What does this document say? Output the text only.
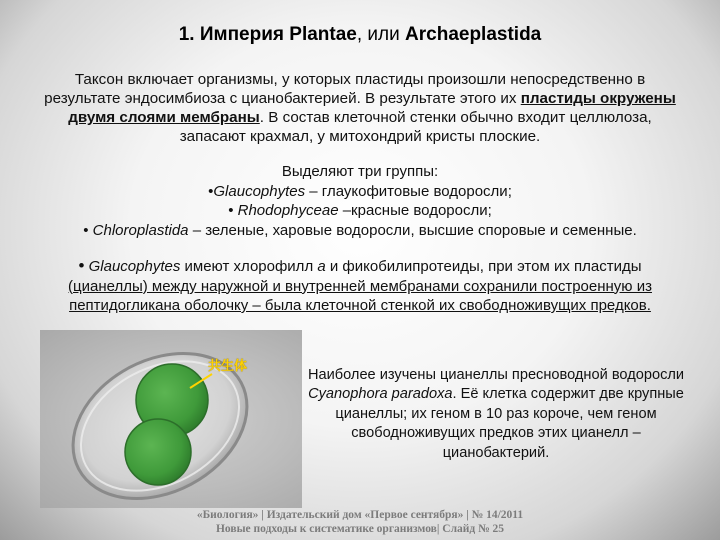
1. Империя Plantae, или Archaeplastida
Таксон включает организмы, у которых пластиды произошли непосредственно в результате эндосимбиоза с цианобактерией. В результате этого их пластиды окружены двумя слоями мембраны. В состав клеточной стенки обычно входит целлюлоза, запасают крахмал, у митохондрий кристы плоские.
Выделяют три группы:
•Glaucophytes – глаукофитовые водоросли;
• Rhodophyceae –красные водоросли;
• Chloroplastida – зеленые, харовые водоросли, высшие споровые и семенные.
• Glaucophytes имеют хлорофилл a и фикобилипротеиды, при этом их пластиды (цианеллы) между наружной и внутренней мембранами сохранили построенную из пептидогликана оболочку – была клеточной стенкой их свободноживущих предков.
共生体
Наиболее изучены цианеллы пресноводной водоросли Cyanophora paradoxa. Её клетка содержит две крупные цианеллы; их геном в 10 раз короче, чем геном свободноживущих предков этих цианелл – цианобактерий.
«Биология» | Издательский дом «Первое сентября» | № 14/2011
Новые подходы к систематике организмов| Слайд № 25
